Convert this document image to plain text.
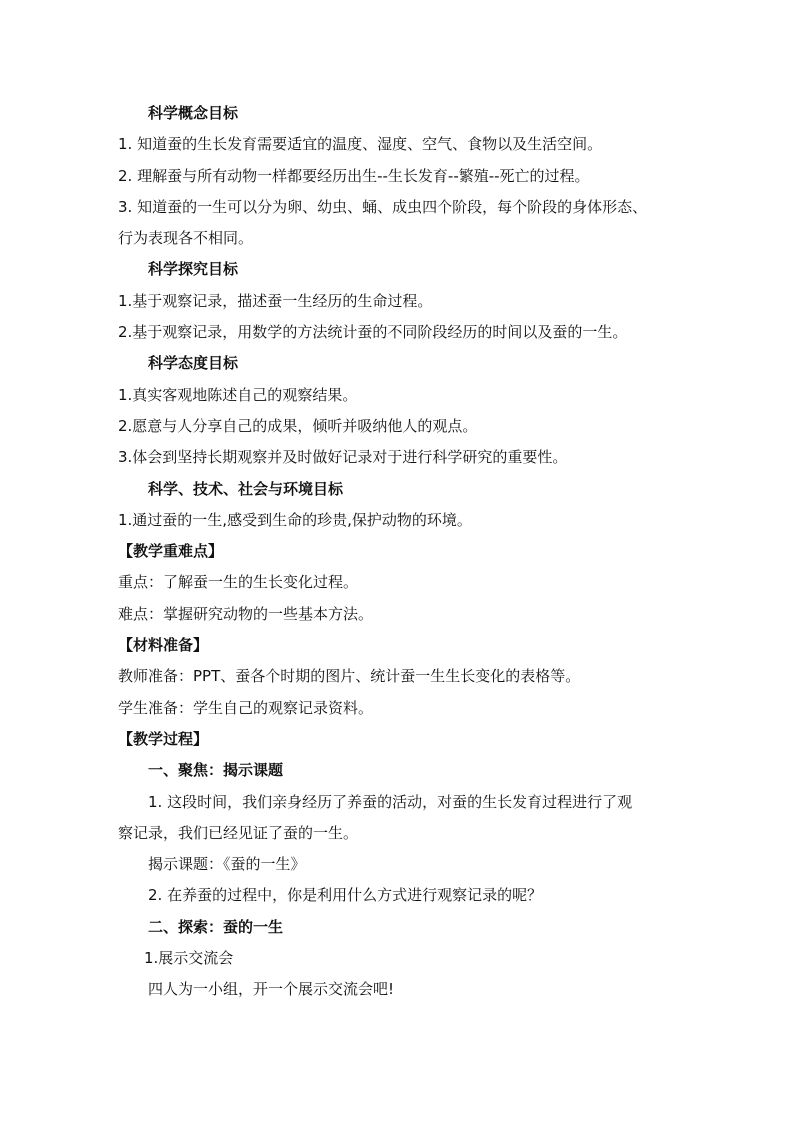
科学概念目标
1. 知道蚕的生长发育需要适宜的温度、湿度、空气、食物以及生活空间。
2. 理解蚕与所有动物一样都要经历出生--生长发育--繁殖--死亡的过程。
3. 知道蚕的一生可以分为卵、幼虫、蛹、成虫四个阶段，每个阶段的身体形态、
行为表现各不相同。
科学探究目标
1.基于观察记录，描述蚕一生经历的生命过程。
2.基于观察记录，用数学的方法统计蚕的不同阶段经历的时间以及蚕的一生。
科学态度目标
1.真实客观地陈述自己的观察结果。
2.愿意与人分享自己的成果，倾听并吸纳他人的观点。
3.体会到坚持长期观察并及时做好记录对于进行科学研究的重要性。
科学、技术、社会与环境目标
1.通过蚕的一生,感受到生命的珍贵,保护动物的环境。
【教学重难点】
重点：了解蚕一生的生长变化过程。
难点：掌握研究动物的一些基本方法。
【材料准备】
教师准备：PPT、蚕各个时期的图片、统计蚕一生生长变化的表格等。
学生准备：学生自己的观察记录资料。
【教学过程】
一、聚焦：揭示课题
1. 这段时间，我们亲身经历了养蚕的活动，对蚕的生长发育过程进行了观
察记录，我们已经见证了蚕的一生。
揭示课题：《蚕的一生》
2. 在养蚕的过程中，你是利用什么方式进行观察记录的呢？
二、探索：蚕的一生
1.展示交流会
四人为一小组，开一个展示交流会吧!
